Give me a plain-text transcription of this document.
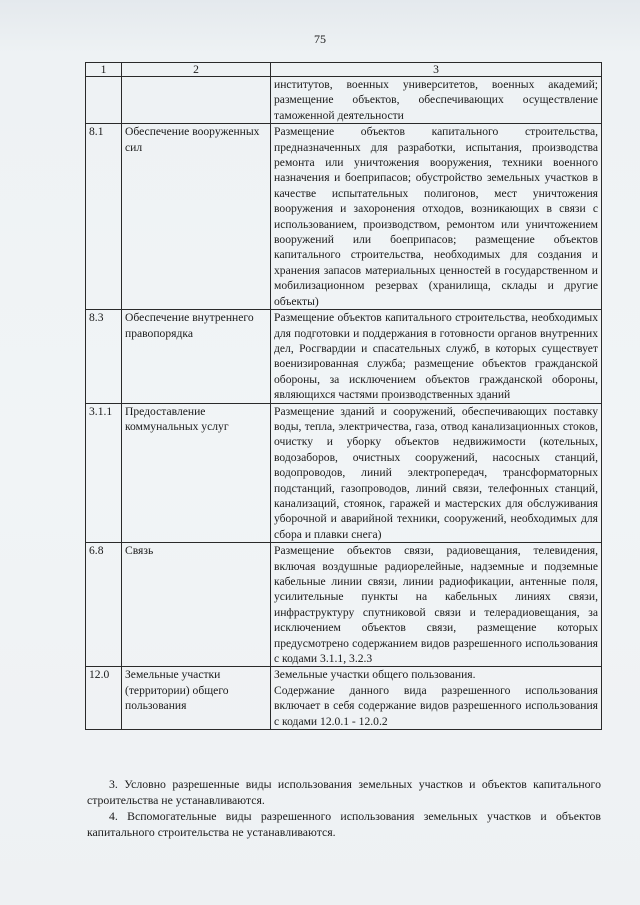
75
1	2	3
		институтов, военных университетов, военных академий; размещение объектов, обеспечивающих осуществление таможенной деятельности
8.1	Обеспечение вооруженных сил	Размещение объектов капитального строительства, предназначенных для разработки, испытания, производства ремонта или уничтожения вооружения, техники военного назначения и боеприпасов; обустройство земельных участков в качестве испытательных полигонов, мест уничтожения вооружения и захоронения отходов, возникающих в связи с использованием, производством, ремонтом или уничтожением вооружений или боеприпасов; размещение объектов капитального строительства, необходимых для создания и хранения запасов материальных ценностей в государственном и мобилизационном резервах (хранилища, склады и другие объекты)
8.3	Обеспечение внутреннего правопорядка	Размещение объектов капитального строительства, необходимых для подготовки и поддержания в готовности органов внутренних дел, Росгвардии и спасательных служб, в которых существует военизированная служба; размещение объектов гражданской обороны, за исключением объектов гражданской обороны, являющихся частями производственных зданий
3.1.1	Предоставление коммунальных услуг	Размещение зданий и сооружений, обеспечивающих поставку воды, тепла, электричества, газа, отвод канализационных стоков, очистку и уборку объектов недвижимости (котельных, водозаборов, очистных сооружений, насосных станций, водопроводов, линий электропередач, трансформаторных подстанций, газопроводов, линий связи, телефонных станций, канализаций, стоянок, гаражей и мастерских для обслуживания уборочной и аварийной техники, сооружений, необходимых для сбора и плавки снега)
6.8	Связь	Размещение объектов связи, радиовещания, телевидения, включая воздушные радиорелейные, надземные и подземные кабельные линии связи, линии радиофикации, антенные поля, усилительные пункты на кабельных линиях связи, инфраструктуру спутниковой связи и телерадиовещания, за исключением объектов связи, размещение которых предусмотрено содержанием видов разрешенного использования с кодами 3.1.1, 3.2.3
12.0	Земельные участки (территории) общего пользования	Земельные участки общего пользования.
Содержание данного вида разрешенного использования включает в себя содержание видов разрешенного использования с кодами 12.0.1 - 12.0.2
3. Условно разрешенные виды использования земельных участков и объектов капитального строительства не устанавливаются.
4. Вспомогательные виды разрешенного использования земельных участков и объектов капитального строительства не устанавливаются.
